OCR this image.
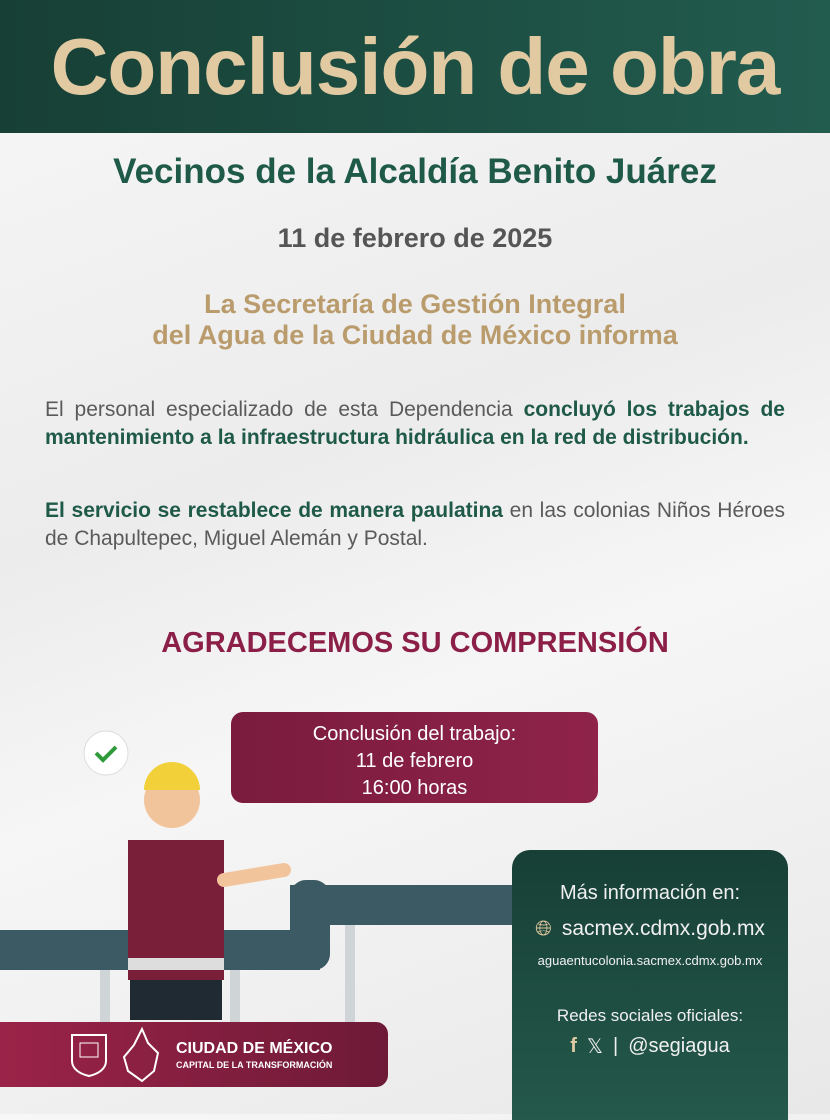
Conclusión de obra
Vecinos de la Alcaldía Benito Juárez
11 de febrero de 2025
La Secretaría de Gestión Integral
del Agua de la Ciudad de México informa
El personal especializado de esta Dependencia concluyó los trabajos de mantenimiento a la infraestructura hidráulica en la red de distribución.
El servicio se restablece de manera paulatina en las colonias Niños Héroes de Chapultepec, Miguel Alemán y Postal.
AGRADECEMOS SU COMPRENSIÓN
Conclusión del trabajo:
11 de febrero
16:00 horas
Más información en:
🌐︎ sacmex.cdmx.gob.mx
aguaentucolonia.sacmex.cdmx.gob.mx
Redes sociales oficiales:
f 𝕏 | @segiagua
CIUDAD DE MÉXICO
CAPITAL DE LA TRANSFORMACIÓN
